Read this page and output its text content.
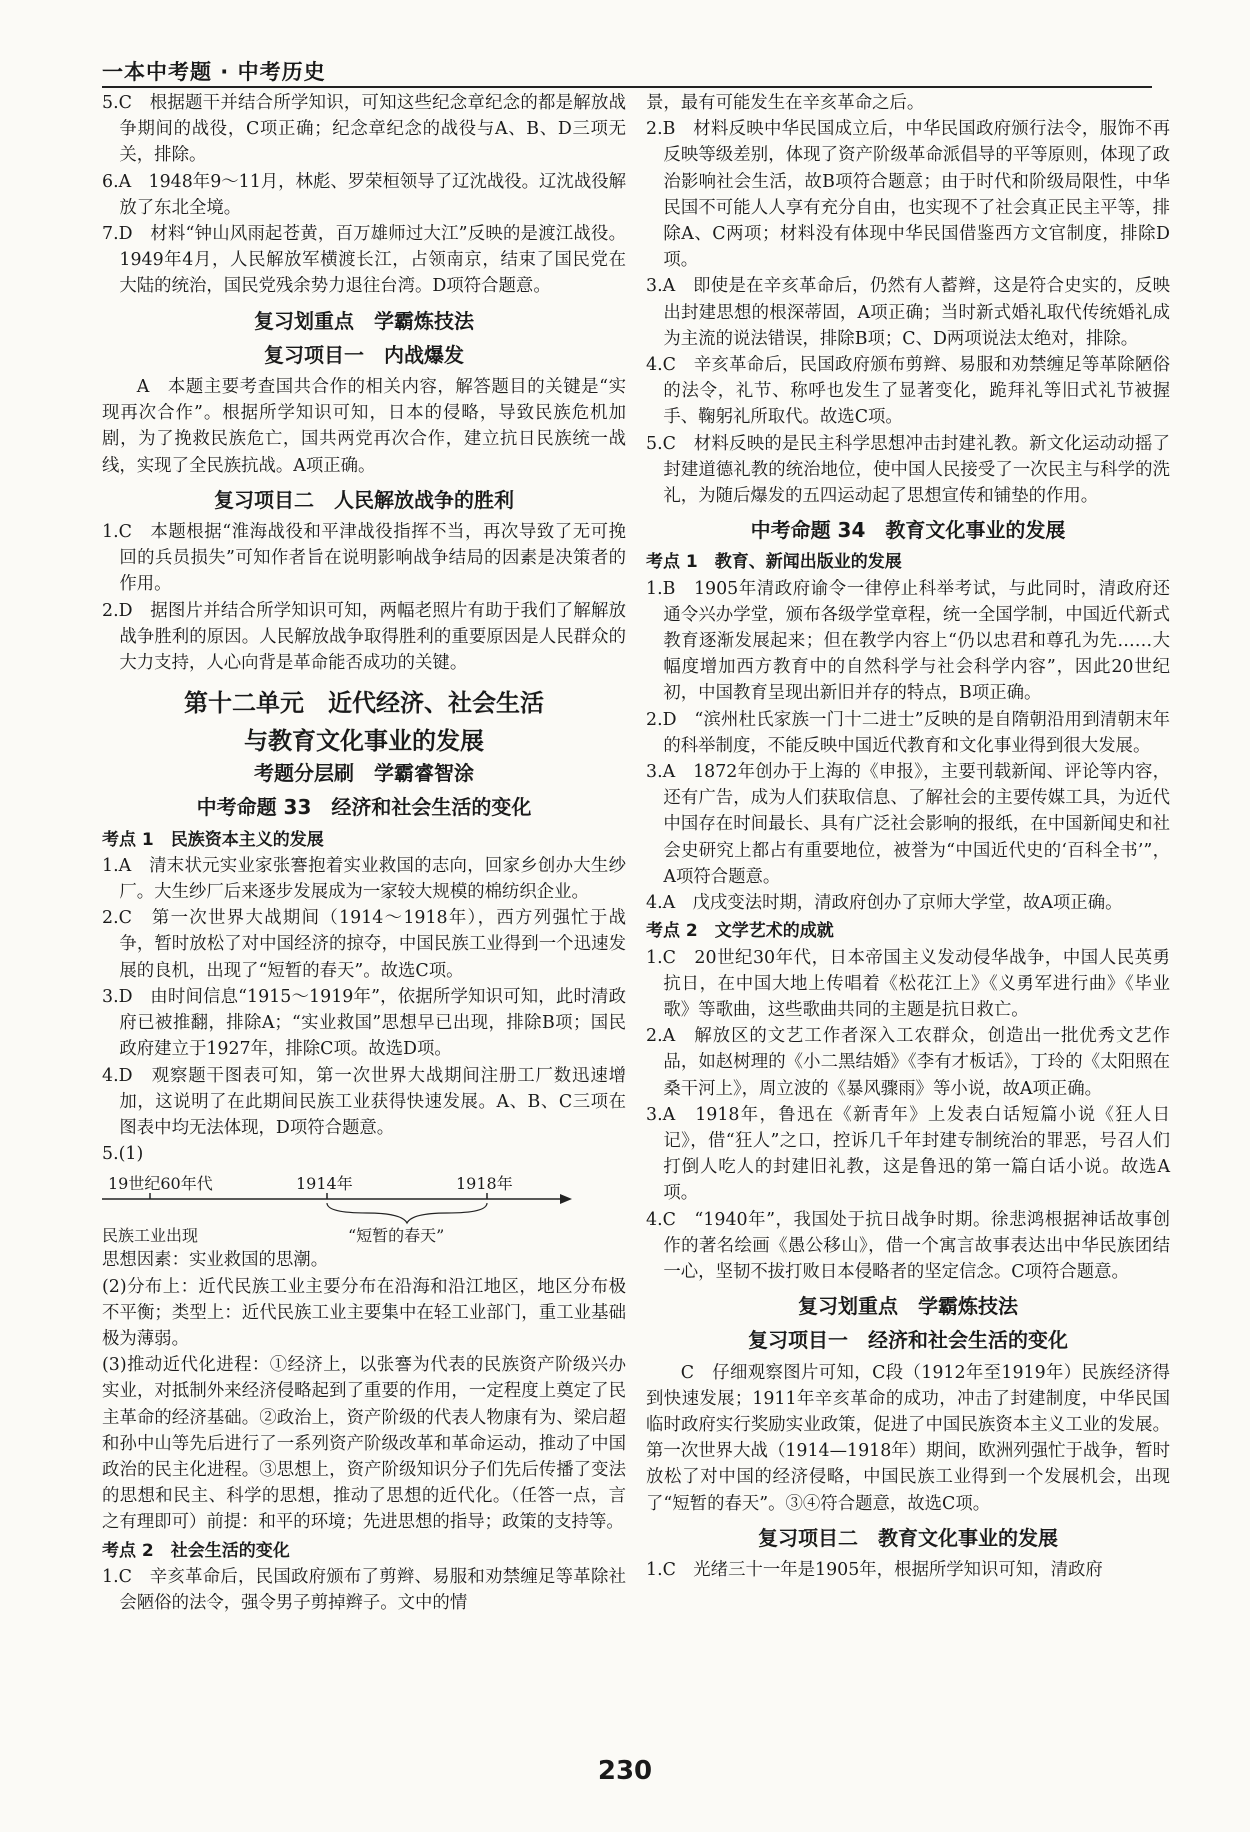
一本中考题 · 中考历史

5.C　根据题干并结合所学知识，可知这些纪念章纪念的都是解放战争期间的战役，C项正确；纪念章纪念的战役与A、B、D三项无关，排除。

6.A　1948年9～11月，林彪、罗荣桓领导了辽沈战役。辽沈战役解放了东北全境。

7.D　材料“钟山风雨起苍黄，百万雄师过大江”反映的是渡江战役。1949年4月，人民解放军横渡长江，占领南京，结束了国民党在大陆的统治，国民党残余势力退往台湾。D项符合题意。

复习划重点　学霸炼技法
复习项目一　内战爆发

A　本题主要考查国共合作的相关内容，解答题目的关键是“实现再次合作”。根据所学知识可知，日本的侵略，导致民族危机加剧，为了挽救民族危亡，国共两党再次合作，建立抗日民族统一战线，实现了全民族抗战。A项正确。

复习项目二　人民解放战争的胜利

1.C　本题根据“淮海战役和平津战役指挥不当，再次导致了无可挽回的兵员损失”可知作者旨在说明影响战争结局的因素是决策者的作用。

2.D　据图片并结合所学知识可知，两幅老照片有助于我们了解解放战争胜利的原因。人民解放战争取得胜利的重要原因是人民群众的大力支持，人心向背是革命能否成功的关键。

第十二单元　近代经济、社会生活
与教育文化事业的发展
考题分层刷　学霸睿智涂
中考命题 33　经济和社会生活的变化
考点 1　民族资本主义的发展

1.A　清末状元实业家张謇抱着实业救国的志向，回家乡创办大生纱厂。大生纱厂后来逐步发展成为一家较大规模的棉纺织企业。

2.C　第一次世界大战期间（1914～1918年），西方列强忙于战争，暂时放松了对中国经济的掠夺，中国民族工业得到一个迅速发展的良机，出现了“短暂的春天”。故选C项。

3.D　由时间信息“1915～1919年”，依据所学知识可知，此时清政府已被推翻，排除A；“实业救国”思想早已出现，排除B项；国民政府建立于1927年，排除C项。故选D项。

4.D　观察题干图表可知，第一次世界大战期间注册工厂数迅速增加，这说明了在此期间民族工业获得快速发展。A、B、C三项在图表中均无法体现，D项符合题意。

5.(1)

19世纪60年代	1914年	1918年
民族工业出现	“短暂的春天”

思想因素：实业救国的思潮。

(2)分布上：近代民族工业主要分布在沿海和沿江地区，地区分布极不平衡；类型上：近代民族工业主要集中在轻工业部门，重工业基础极为薄弱。

(3)推动近代化进程：①经济上，以张謇为代表的民族资产阶级兴办实业，对抵制外来经济侵略起到了重要的作用，一定程度上奠定了民主革命的经济基础。②政治上，资产阶级的代表人物康有为、梁启超和孙中山等先后进行了一系列资产阶级改革和革命运动，推动了中国政治的民主化进程。③思想上，资产阶级知识分子们先后传播了变法的思想和民主、科学的思想，推动了思想的近代化。（任答一点，言之有理即可）前提：和平的环境；先进思想的指导；政策的支持等。

考点 2　社会生活的变化

1.C　辛亥革命后，民国政府颁布了剪辫、易服和劝禁缠足等革除社会陋俗的法令，强令男子剪掉辫子。文中的情

景，最有可能发生在辛亥革命之后。

2.B　材料反映中华民国成立后，中华民国政府颁行法令，服饰不再反映等级差别，体现了资产阶级革命派倡导的平等原则，体现了政治影响社会生活，故B项符合题意；由于时代和阶级局限性，中华民国不可能人人享有充分自由，也实现不了社会真正民主平等，排除A、C两项；材料没有体现中华民国借鉴西方文官制度，排除D项。

3.A　即使是在辛亥革命后，仍然有人蓄辫，这是符合史实的，反映出封建思想的根深蒂固，A项正确；当时新式婚礼取代传统婚礼成为主流的说法错误，排除B项；C、D两项说法太绝对，排除。

4.C　辛亥革命后，民国政府颁布剪辫、易服和劝禁缠足等革除陋俗的法令，礼节、称呼也发生了显著变化，跪拜礼等旧式礼节被握手、鞠躬礼所取代。故选C项。

5.C　材料反映的是民主科学思想冲击封建礼教。新文化运动动摇了封建道德礼教的统治地位，使中国人民接受了一次民主与科学的洗礼，为随后爆发的五四运动起了思想宣传和铺垫的作用。

中考命题 34　教育文化事业的发展
考点 1　教育、新闻出版业的发展

1.B　1905年清政府谕令一律停止科举考试，与此同时，清政府还通令兴办学堂，颁布各级学堂章程，统一全国学制，中国近代新式教育逐渐发展起来；但在教学内容上“仍以忠君和尊孔为先……大幅度增加西方教育中的自然科学与社会科学内容”，因此20世纪初，中国教育呈现出新旧并存的特点，B项正确。

2.D　“滨州杜氏家族一门十二进士”反映的是自隋朝沿用到清朝末年的科举制度，不能反映中国近代教育和文化事业得到很大发展。

3.A　1872年创办于上海的《申报》，主要刊载新闻、评论等内容，还有广告，成为人们获取信息、了解社会的主要传媒工具，为近代中国存在时间最长、具有广泛社会影响的报纸，在中国新闻史和社会史研究上都占有重要地位，被誉为“中国近代史的‘百科全书’”，A项符合题意。

4.A　戊戌变法时期，清政府创办了京师大学堂，故A项正确。

考点 2　文学艺术的成就

1.C　20世纪30年代，日本帝国主义发动侵华战争，中国人民英勇抗日，在中国大地上传唱着《松花江上》《义勇军进行曲》《毕业歌》等歌曲，这些歌曲共同的主题是抗日救亡。

2.A　解放区的文艺工作者深入工农群众，创造出一批优秀文艺作品，如赵树理的《小二黑结婚》《李有才板话》，丁玲的《太阳照在桑干河上》，周立波的《暴风骤雨》等小说，故A项正确。

3.A　1918年，鲁迅在《新青年》上发表白话短篇小说《狂人日记》，借“狂人”之口，控诉几千年封建专制统治的罪恶，号召人们打倒人吃人的封建旧礼教，这是鲁迅的第一篇白话小说。故选A项。

4.C　“1940年”，我国处于抗日战争时期。徐悲鸿根据神话故事创作的著名绘画《愚公移山》，借一个寓言故事表达出中华民族团结一心，坚韧不拔打败日本侵略者的坚定信念。C项符合题意。

复习划重点　学霸炼技法
复习项目一　经济和社会生活的变化

C　仔细观察图片可知，C段（1912年至1919年）民族经济得到快速发展；1911年辛亥革命的成功，冲击了封建制度，中华民国临时政府实行奖励实业政策，促进了中国民族资本主义工业的发展。第一次世界大战（1914—1918年）期间，欧洲列强忙于战争，暂时放松了对中国的经济侵略，中国民族工业得到一个发展机会，出现了“短暂的春天”。③④符合题意，故选C项。

复习项目二　教育文化事业的发展

1.C　光绪三十一年是1905年，根据所学知识可知，清政府

230
